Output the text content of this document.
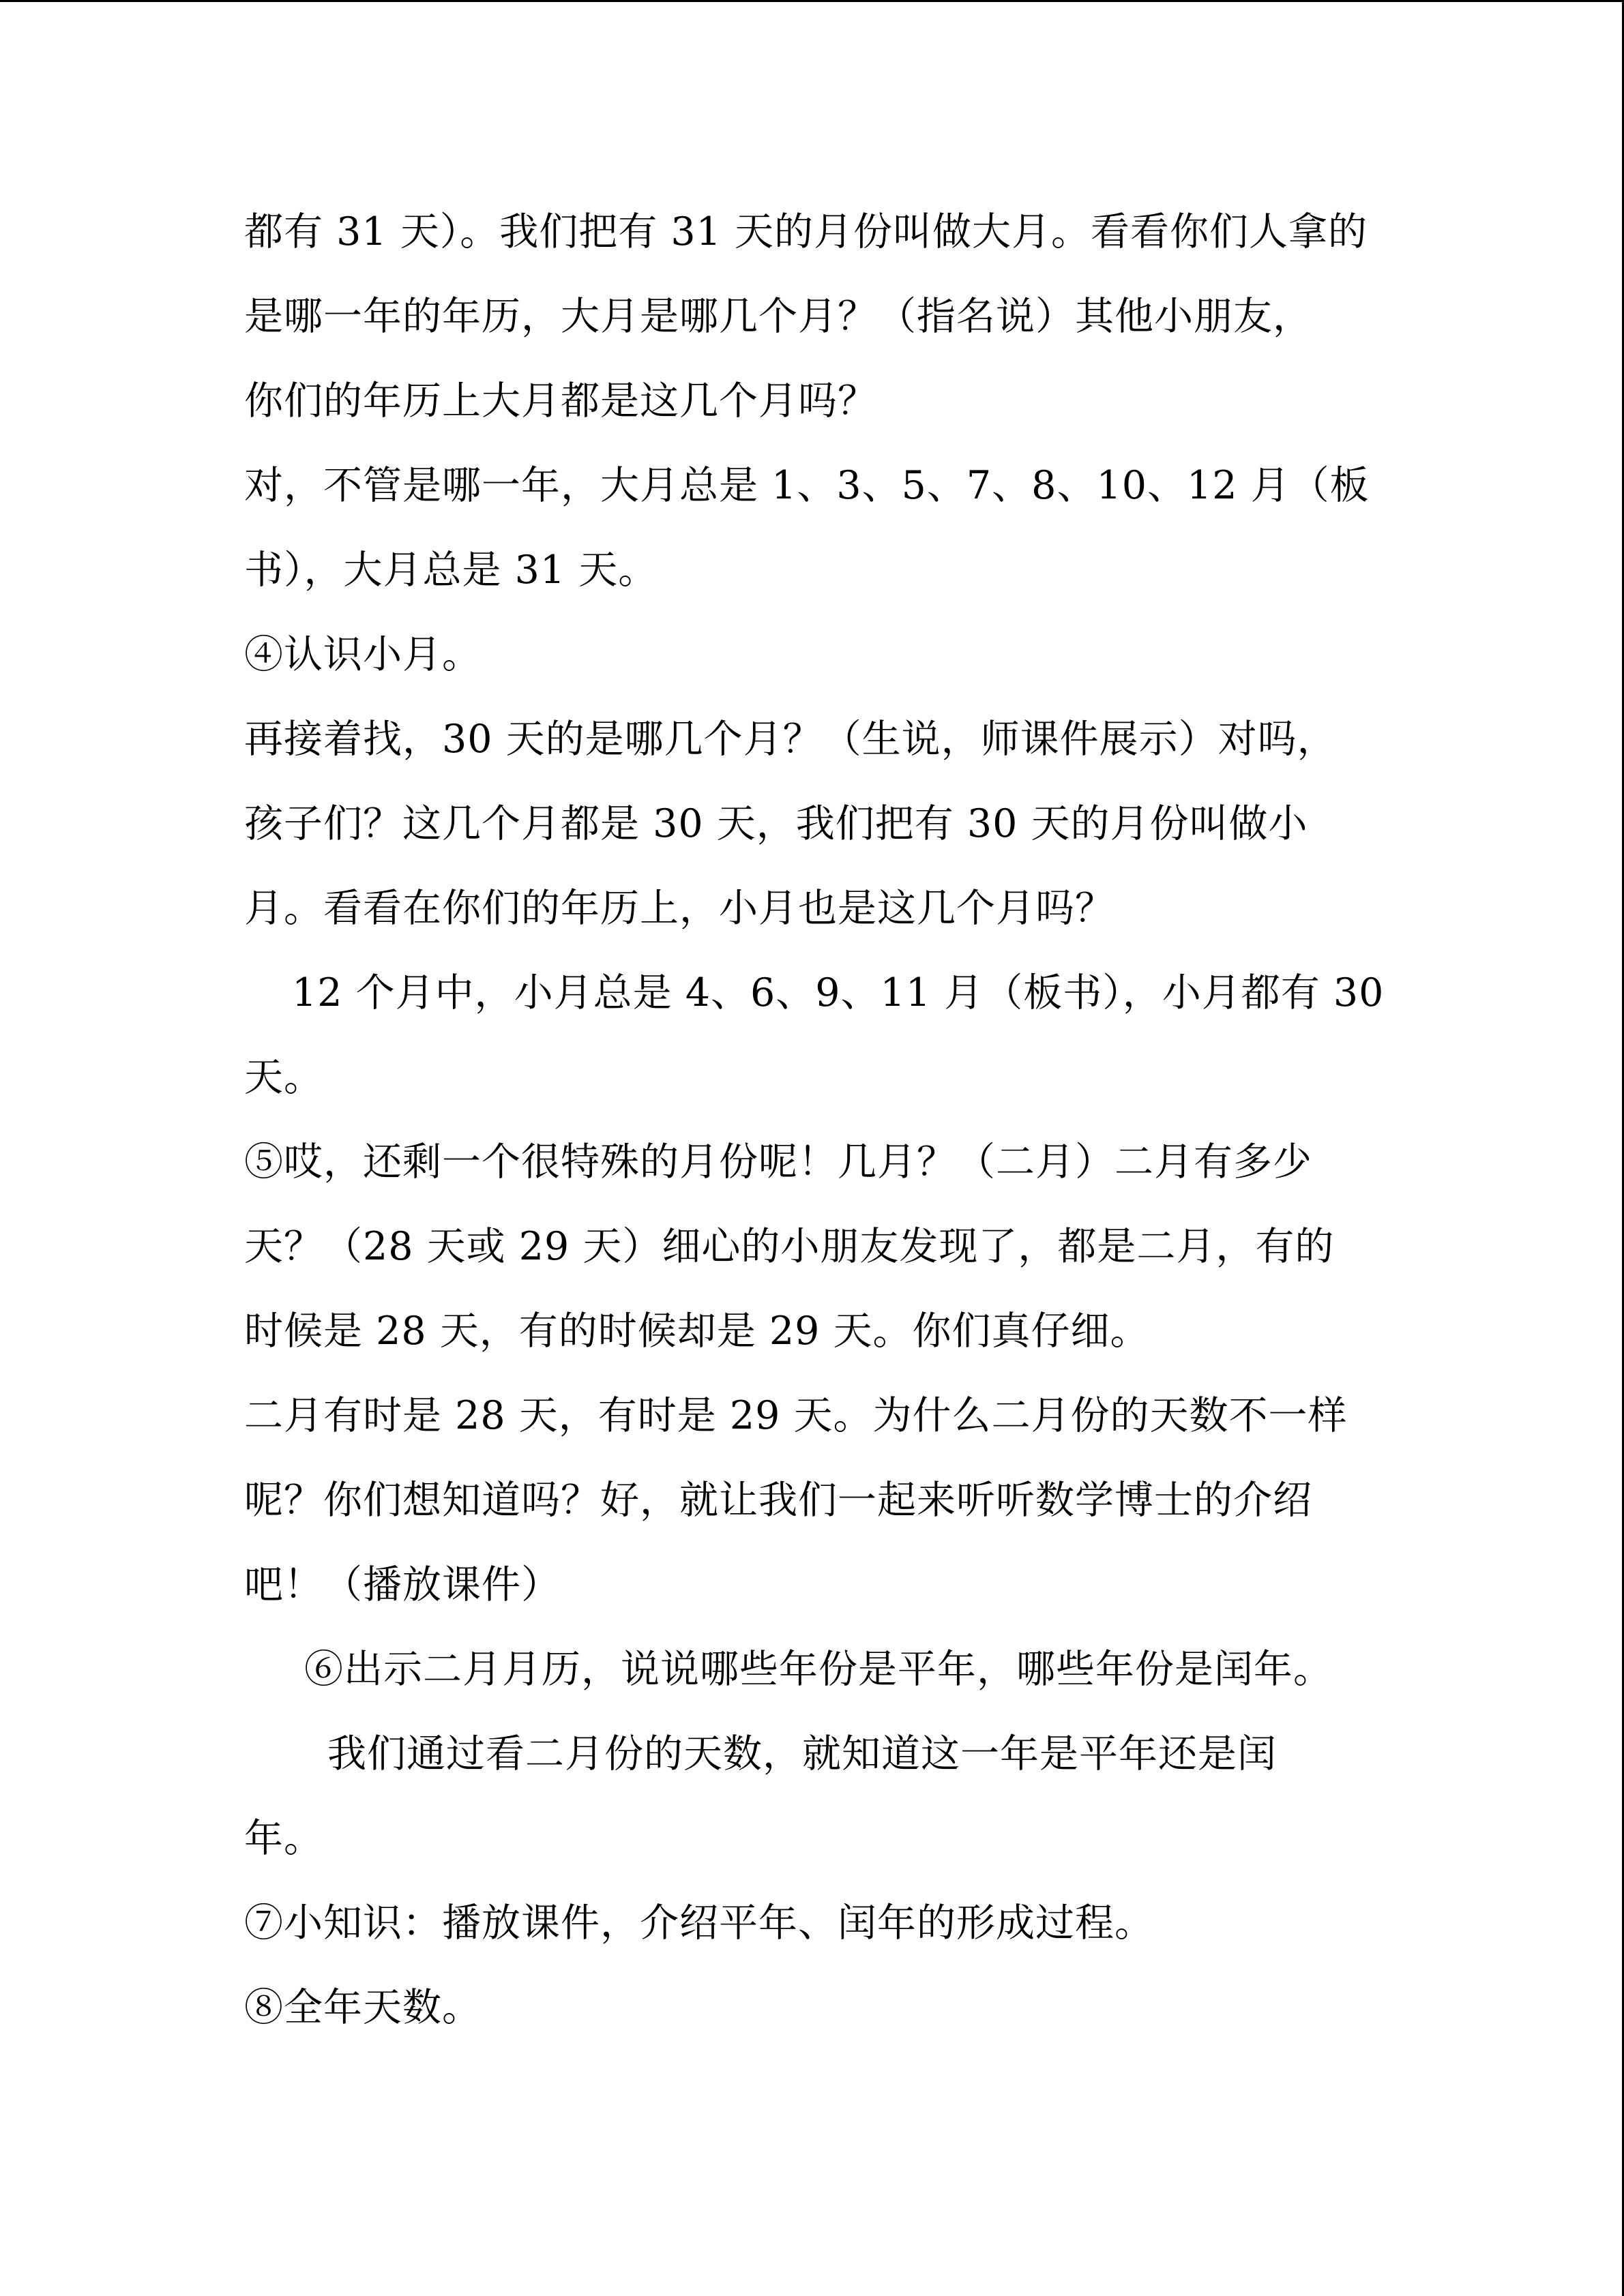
都有 31 天）。我们把有 31 天的月份叫做大月。看看你们人拿的
是哪一年的年历，大月是哪几个月？（指名说）其他小朋友，
你们的年历上大月都是这几个月吗？
对，不管是哪一年，大月总是 1、3、5、7、8、10、12 月（板
书），大月总是 31 天。
④认识小月。
再接着找，30 天的是哪几个月？（生说，师课件展示）对吗，
孩子们？这几个月都是 30 天，我们把有 30 天的月份叫做小
月。看看在你们的年历上，小月也是这几个月吗？
12 个月中，小月总是 4、6、9、11 月（板书），小月都有 30
天。
⑤哎，还剩一个很特殊的月份呢！几月？（二月）二月有多少
天？（28 天或 29 天）细心的小朋友发现了，都是二月，有的
时候是 28 天，有的时候却是 29 天。你们真仔细。
二月有时是 28 天，有时是 29 天。为什么二月份的天数不一样
呢？你们想知道吗？好，就让我们一起来听听数学博士的介绍
吧！（播放课件）
⑥出示二月月历，说说哪些年份是平年，哪些年份是闰年。
我们通过看二月份的天数，就知道这一年是平年还是闰
年。
⑦小知识：播放课件，介绍平年、闰年的形成过程。
⑧全年天数。
